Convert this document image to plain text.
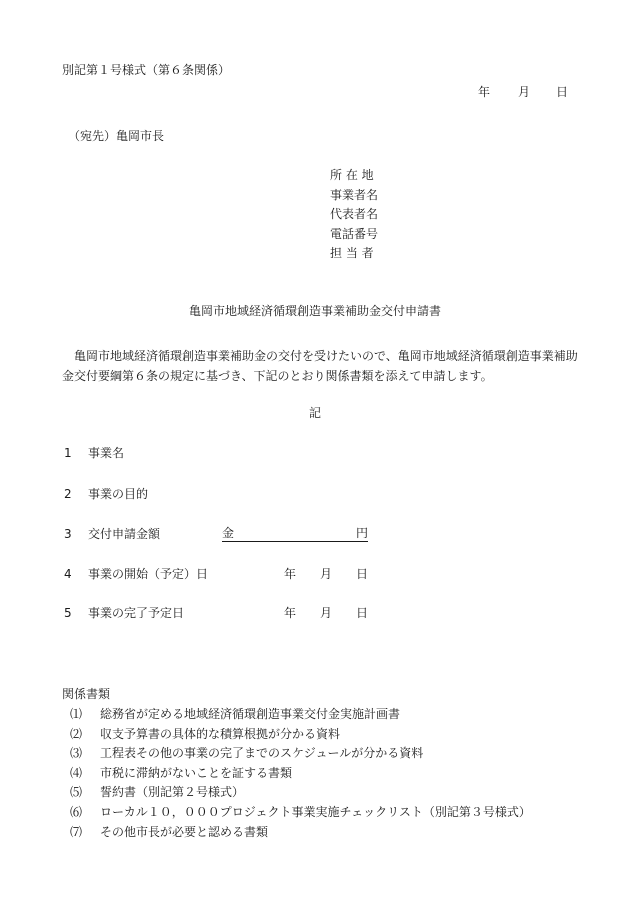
別記第１号様式（第６条関係）
年 月 日
（宛先）亀岡市長
所 在 地
事業者名
代表者名
電話番号
担 当 者
亀岡市地域経済循環創造事業補助金交付申請書
亀岡市地域経済循環創造事業補助金の交付を受けたいので、亀岡市地域経済循環創造事業補助金交付要綱第６条の規定に基づき、下記のとおり関係書類を添えて申請します。
記
1 事業名
2 事業の目的
3 交付申請金額	金	円
4 事業の開始（予定）日	年 月 日
5 事業の完了予定日	年 月 日
関係書類
⑴ 総務省が定める地域経済循環創造事業交付金実施計画書
⑵ 収支予算書の具体的な積算根拠が分かる資料
⑶ 工程表その他の事業の完了までのスケジュールが分かる資料
⑷ 市税に滞納がないことを証する書類
⑸ 誓約書（別記第２号様式）
⑹ ローカル１０，０００プロジェクト事業実施チェックリスト（別記第３号様式）
⑺ その他市長が必要と認める書類
